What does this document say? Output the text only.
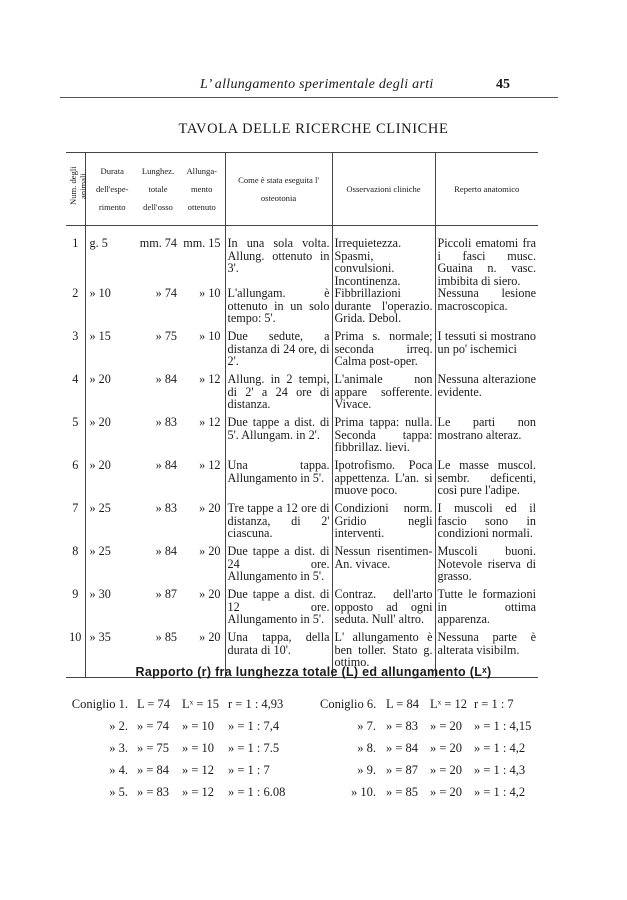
L’ allungamento sperimentale degli arti	45
TAVOLA DELLE RICERCHE CLINICHE
Num. degli animali	Durata dell'espe- rimento	Lunghez. totale dell'osso	Allunga- mento ottenuto	Come è stata eseguita l' osteotonia	Osservazioni cliniche	Reperto anatomico

1	g. 5	mm. 74	mm. 15	In una sola volta. Allung. ottenuto in 3'.	Irrequietezza. Spasmi, convulsioni. Incontinenza.	Piccoli ematomi fra i fasci musc. Guaina n. vasc. imbibita di siero.
2	» 10	» 74	» 10	L'allungam. è ottenuto in un solo tempo: 5'.	Fibbrillazioni durante l'operazio. Grida. Debol.	Nessuna lesione macroscopica.
3	» 15	» 75	» 10	Due sedute, a distanza di 24 ore, di 2'.	Prima s. normale; seconda irreq. Calma post-oper.	I tessuti si mostrano un po' ischemici
4	» 20	» 84	» 12	Allung. in 2 tempi, di 2' a 24 ore di distanza.	L'animale non appare sofferente. Vivace.	Nessuna alterazione evidente.
5	» 20	» 83	» 12	Due tappe a dist. di 5'. Allungam. in 2'.	Prima tappa: nulla. Seconda tappa: fibbrillaz. lievi.	Le parti non mostrano alteraz.
6	» 20	» 84	» 12	Una tappa. Allungamento in 5'.	Ipotrofismo. Poca appettenza. L'an. si muove poco.	Le masse muscol. sembr. deficenti, così pure l'adipe.
7	» 25	» 83	» 20	Tre tappe a 12 ore di distanza, di 2' ciascuna.	Condizioni norm. Gridio negli interventi.	I muscoli ed il fascio sono in condizioni normali.
8	» 25	» 84	» 20	Due tappe a dist. di 24 ore. Allungamento in 5'.	Nessun risentimen-An. vivace.	Muscoli buoni. Notevole riserva di grasso.
9	» 30	» 87	» 20	Due tappe a dist. di 12 ore. Allungamento in 5'.	Contraz. dell'arto opposto ad ogni seduta. Null' altro.	Tutte le formazioni in ottima apparenza.
10	» 35	» 85	» 20	Una tappa, della durata di 10'.	L' allungamento è ben toller. Stato g. ottimo.	Nessuna parte è alterata visibilm.
Rapporto (r) fra lunghezza totale (L) ed allungamento (Lˣ)
Coniglio 1. L = 74 Lˣ = 15 r = 1 : 4,93
» 2. » = 74 » = 10 » = 1 : 7,4
» 3. » = 75 » = 10 » = 1 : 7.5
» 4. » = 84 » = 12 » = 1 : 7
» 5. » = 83 » = 12 » = 1 : 6.08
Coniglio 6. L = 84 Lˣ = 12 r = 1 : 7
» 7. » = 83 » = 20 » = 1 : 4,15
» 8. » = 84 » = 20 » = 1 : 4,2
» 9. » = 87 » = 20 » = 1 : 4,3
» 10. » = 85 » = 20 » = 1 : 4,2
